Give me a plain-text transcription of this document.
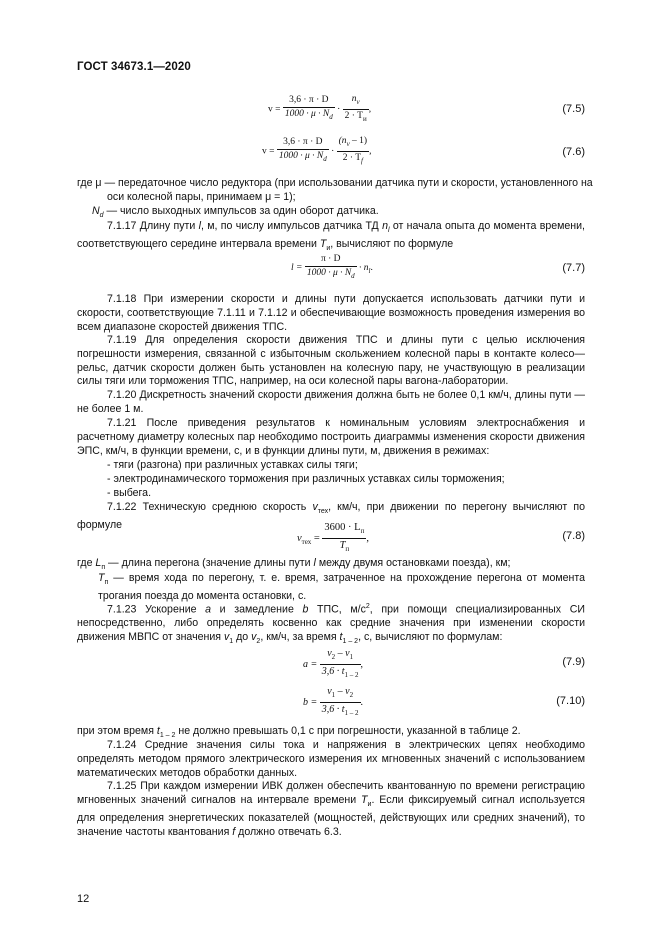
ГОСТ 34673.1—2020
$v = \frac{3,6 \cdot \pi \cdot D}{1000 \cdot \mu \cdot N_d} \cdot \frac{n_v}{2 \cdot T_и}$ ,	(7.5)
$v = \frac{3,6 \cdot \pi \cdot D}{1000 \cdot \mu \cdot N_d} \cdot \frac{(n_v - 1)}{2 \cdot T_f}$ ,	(7.6)
где μ — передаточное число редуктора (при использовании датчика пути и скорости, установленного на
оси колесной пары, принимаем μ = 1);
$N_d$ — число выходных импульсов за один оборот датчика.
7.1.17 Длину пути l, м, по числу импульсов датчика ТД $n_l$ от начала опыта до момента времени, соответствующего середине интервала времени $T_и$, вычисляют по формуле
$l = \frac{\pi \cdot D}{1000 \cdot \mu \cdot N_d} \cdot n_l$.	(7.7)
7.1.18 При измерении скорости и длины пути допускается использовать датчики пути и скорости, соответствующие 7.1.11 и 7.1.12 и обеспечивающие возможность проведения измерения во всем диапазоне скоростей движения ТПС.
7.1.19 Для определения скорости движения ТПС и длины пути с целью исключения погрешности измерения, связанной с избыточным скольжением колесной пары в контакте колесо—рельс, датчик скорости должен быть установлен на колесную пару, не участвующую в реализации силы тяги или торможения ТПС, например, на оси колесной пары вагона-лаборатории.
7.1.20 Дискретность значений скорости движения должна быть не более 0,1 км/ч, длины пути — не более 1 м.
7.1.21 После приведения результатов к номинальным условиям электроснабжения и расчетному диаметру колесных пар необходимо построить диаграммы изменения скорости движения ЭПС, км/ч, в функции времени, с, и в функции длины пути, м, движения в режимах:
- тяги (разгона) при различных уставках силы тяги;
- электродинамического торможения при различных уставках силы торможения;
- выбега.
7.1.22 Техническую среднюю скорость $v_{тех}$, км/ч, при движении по перегону вычисляют по формуле
$v_{тех} = \frac{3600 \cdot L_п}{T_п}$ ,	(7.8)
где $L_п$ — длина перегона (значение длины пути l между двумя остановками поезда), км;
$T_п$ — время хода по перегону, т. е. время, затраченное на прохождение перегона от момента трогания поезда до момента остановки, с.
7.1.23 Ускорение a и замедление b ТПС, $м/с^2$, при помощи специализированных СИ непосредственно, либо определять косвенно как средние значения при изменении скорости движения МВПС от значения $v_1$ до $v_2$, км/ч, за время $t_{1 - 2}$, с, вычисляют по формулам:
$a = \frac{v_2 - v_1}{3,6 \cdot t_{1 - 2}}$ ,	(7.9)
$b = \frac{v_1 - v_2}{3,6 \cdot t_{1 - 2}}$ .	(7.10)
при этом время $t_{1 - 2}$ не должно превышать 0,1 с при погрешности, указанной в таблице 2.
7.1.24 Средние значения силы тока и напряжения в электрических цепях необходимо определять методом прямого электрического измерения их мгновенных значений с использованием математических методов обработки данных.
7.1.25 При каждом измерении ИВК должен обеспечить квантованную по времени регистрацию мгновенных значений сигналов на интервале времени $T_и$. Если фиксируемый сигнал используется для определения энергетических показателей (мощностей, действующих или средних значений), то значение частоты квантования f должно отвечать 6.3.
12
